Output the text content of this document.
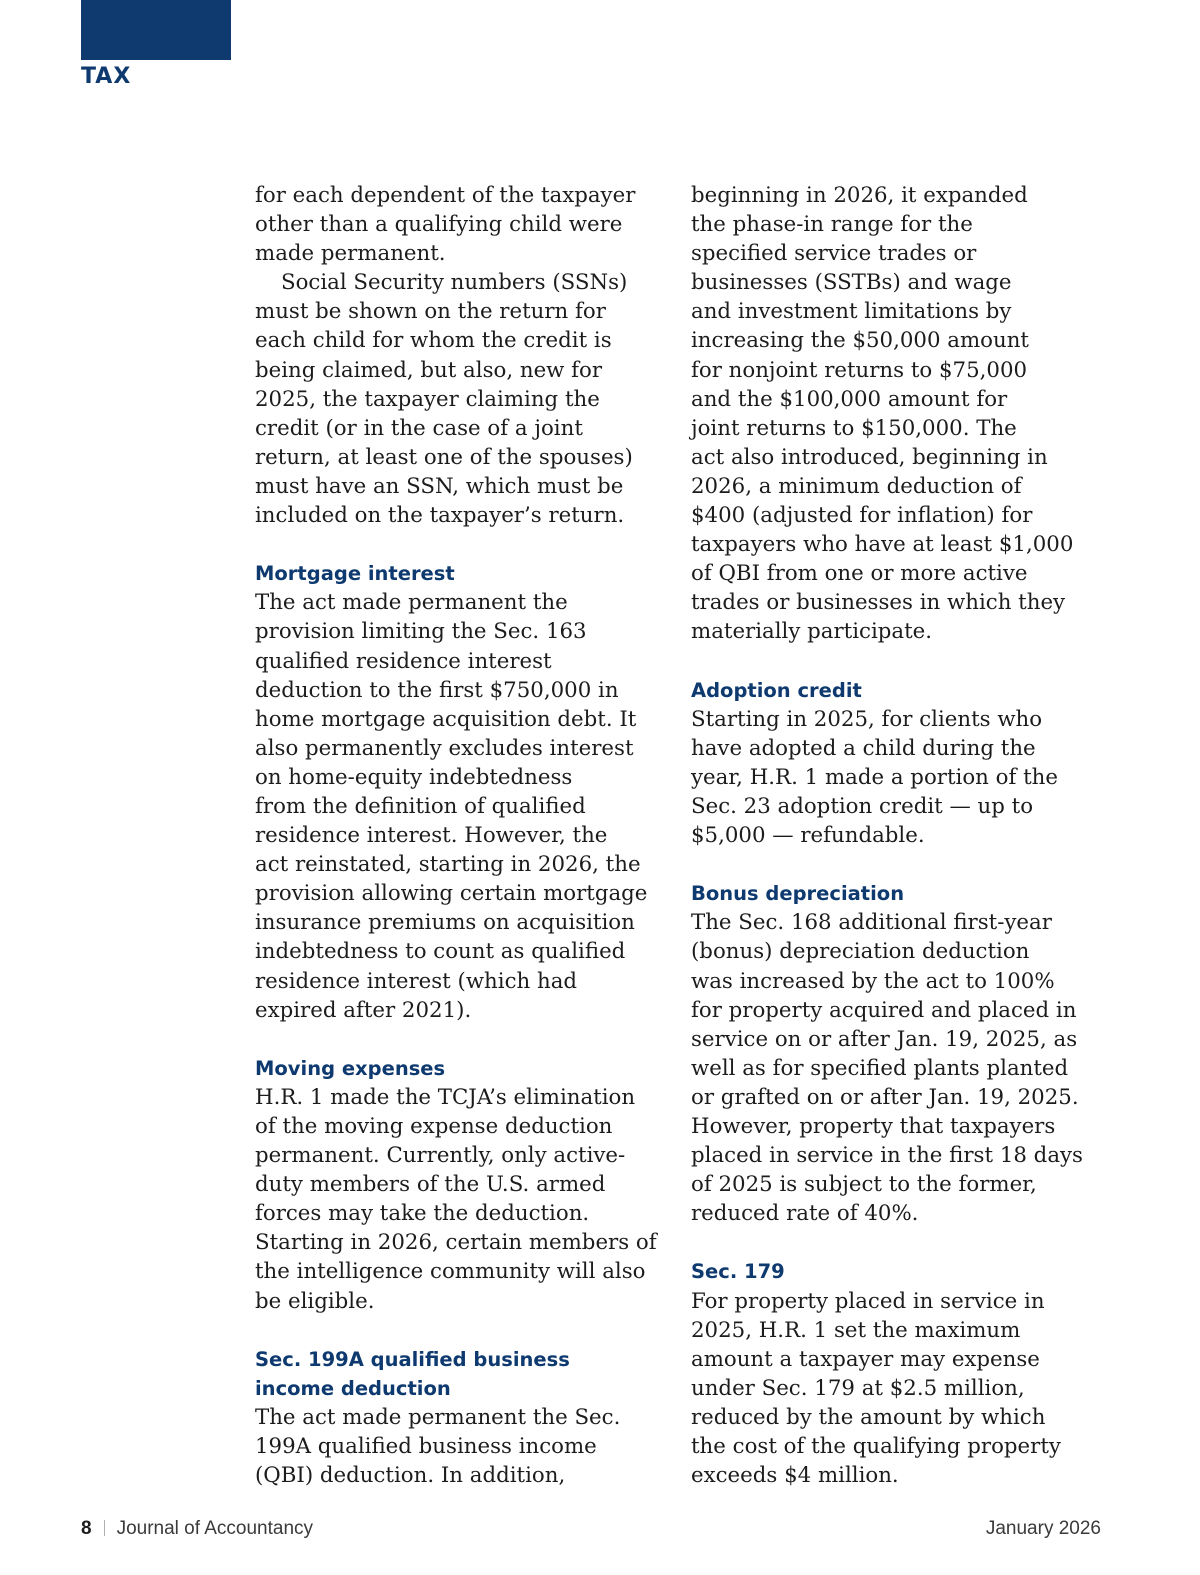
TAX

for each dependent of the taxpayer
other than a qualifying child were
made permanent.

Social Security numbers (SSNs)
must be shown on the return for
each child for whom the credit is
being claimed, but also, new for
2025, the taxpayer claiming the
credit (or in the case of a joint
return, at least one of the spouses)
must have an SSN, which must be
included on the taxpayer’s return.

Mortgage interest

The act made permanent the
provision limiting the Sec. 163
qualified residence interest
deduction to the first $750,000 in
home mortgage acquisition debt. It
also permanently excludes interest
on home-equity indebtedness
from the definition of qualified
residence interest. However, the
act reinstated, starting in 2026, the
provision allowing certain mortgage
insurance premiums on acquisition
indebtedness to count as qualified
residence interest (which had
expired after 2021).

Moving expenses

H.R. 1 made the TCJA’s elimination
of the moving expense deduction
permanent. Currently, only active-
duty members of the U.S. armed
forces may take the deduction.
Starting in 2026, certain members of
the intelligence community will also
be eligible.

Sec. 199A qualified business
income deduction

The act made permanent the Sec.
199A qualified business income
(QBI) deduction. In addition,

beginning in 2026, it expanded
the phase-in range for the
specified service trades or
businesses (SSTBs) and wage
and investment limitations by
increasing the $50,000 amount
for nonjoint returns to $75,000
and the $100,000 amount for
joint returns to $150,000. The
act also introduced, beginning in
2026, a minimum deduction of
$400 (adjusted for inflation) for
taxpayers who have at least $1,000
of QBI from one or more active
trades or businesses in which they
materially participate.

Adoption credit

Starting in 2025, for clients who
have adopted a child during the
year, H.R. 1 made a portion of the
Sec. 23 adoption credit — up to
$5,000 — refundable.

Bonus depreciation

The Sec. 168 additional first-year
(bonus) depreciation deduction
was increased by the act to 100%
for property acquired and placed in
service on or after Jan. 19, 2025, as
well as for specified plants planted
or grafted on or after Jan. 19, 2025.
However, property that taxpayers
placed in service in the first 18 days
of 2025 is subject to the former,
reduced rate of 40%.

Sec. 179

For property placed in service in
2025, H.R. 1 set the maximum
amount a taxpayer may expense
under Sec. 179 at $2.5 million,
reduced by the amount by which
the cost of the qualifying property
exceeds $4 million.

8 Journal of Accountancy	January 2026
